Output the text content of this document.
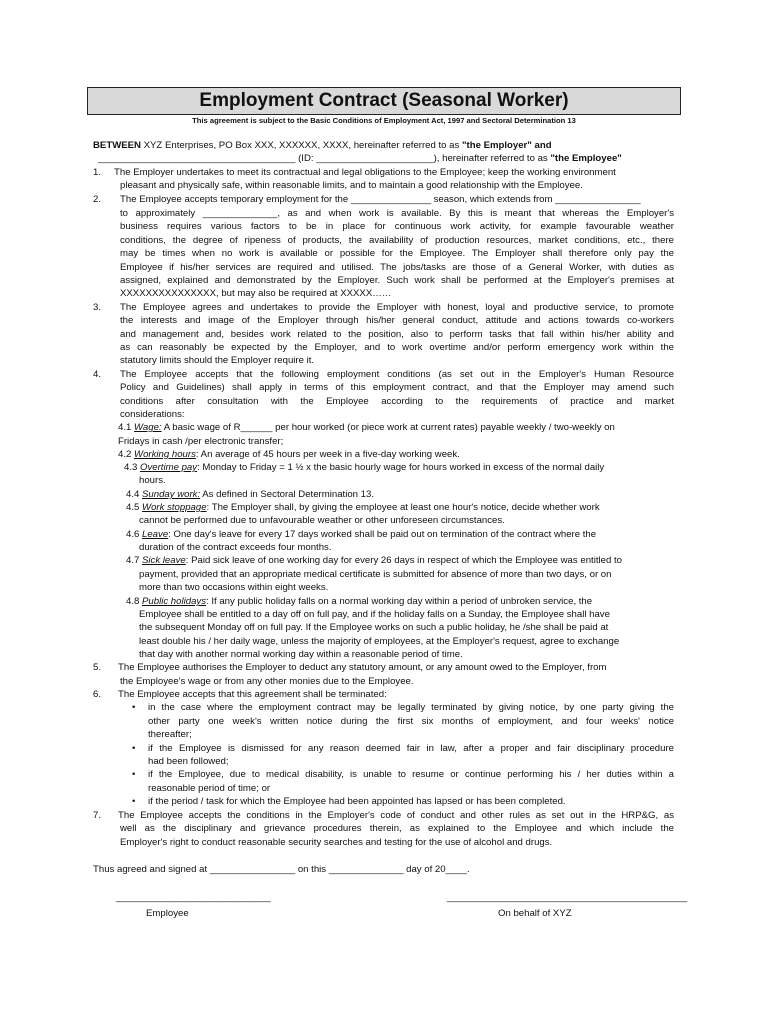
Employment Contract (Seasonal Worker)
This agreement is subject to the Basic Conditions of Employment Act, 1997 and Sectoral Determination 13
BETWEEN XYZ Enterprises, PO Box XXX, XXXXXX, XXXX, hereinafter referred to as "the Employer" and
_____________________________________ (ID: ______________________), hereinafter referred to as "the Employee"
1. The Employer undertakes to meet its contractual and legal obligations to the Employee; keep the working environment
pleasant and physically safe, within reasonable limits, and to maintain a good relationship with the Employee.
2. The Employee accepts temporary employment for the _______________ season, which extends from ________________
to approximately ______________, as and when work is available. By this is meant that whereas the Employer's
business requires various factors to be in place for continuous work activity, for example favourable weather
conditions, the degree of ripeness of products, the availability of production resources, market conditions, etc., there
may be times when no work is available or possible for the Employee. The Employer shall therefore only pay the
Employee if his/her services are required and utilised. The jobs/tasks are those of a General Worker, with duties as
assigned, explained and demonstrated by the Employer. Such work shall be performed at the Employer's premises at
XXXXXXXXXXXXXXX, but may also be required at XXXXX……
3. The Employee agrees and undertakes to provide the Employer with honest, loyal and productive service, to promote
the interests and image of the Employer through his/her general conduct, attitude and actions towards co-workers
and management and, besides work related to the position, also to perform tasks that fall within his/her ability and
as can reasonably be expected by the Employer, and to work overtime and/or perform emergency work within the
statutory limits should the Employer require it.
4. The Employee accepts that the following employment conditions (as set out in the Employer's Human Resource
Policy and Guidelines) shall apply in terms of this employment contract, and that the Employer may amend such
conditions after consultation with the Employee according to the requirements of practice and market
considerations:
4.1 Wage: A basic wage of R______ per hour worked (or piece work at current rates) payable weekly / two-weekly on
Fridays in cash /per electronic transfer;
4.2 Working hours: An average of 45 hours per week in a five-day working week.
4.3 Overtime pay: Monday to Friday = 1 ½ x the basic hourly wage for hours worked in excess of the normal daily
hours.
4.4 Sunday work: As defined in Sectoral Determination 13.
4.5 Work stoppage: The Employer shall, by giving the employee at least one hour's notice, decide whether work
cannot be performed due to unfavourable weather or other unforeseen circumstances.
4.6 Leave: One day's leave for every 17 days worked shall be paid out on termination of the contract where the
duration of the contract exceeds four months.
4.7 Sick leave: Paid sick leave of one working day for every 26 days in respect of which the Employee was entitled to
payment, provided that an appropriate medical certificate is submitted for absence of more than two days, or on
more than two occasions within eight weeks.
4.8 Public holidays: If any public holiday falls on a normal working day within a period of unbroken service, the
Employee shall be entitled to a day off on full pay, and if the holiday falls on a Sunday, the Employee shall have
the subsequent Monday off on full pay. If the Employee works on such a public holiday, he /she shall be paid at
least double his / her daily wage, unless the majority of employees, at the Employer's request, agree to exchange
that day with another normal working day within a reasonable period of time.
5. The Employee authorises the Employer to deduct any statutory amount, or any amount owed to the Employer, from
the Employee's wage or from any other monies due to the Employee.
6. The Employee accepts that this agreement shall be terminated:
• in the case where the employment contract may be legally terminated by giving notice, by one party giving the
other party one week's written notice during the first six months of employment, and four weeks' notice
thereafter;
• if the Employee is dismissed for any reason deemed fair in law, after a proper and fair disciplinary procedure
had been followed;
• if the Employee, due to medical disability, is unable to resume or continue performing his / her duties within a
reasonable period of time; or
• if the period / task for which the Employee had been appointed has lapsed or has been completed.
7. The Employee accepts the conditions in the Employer's code of conduct and other rules as set out in the HRP&G, as
well as the disciplinary and grievance procedures therein, as explained to the Employee and which include the
Employer's right to conduct reasonable security searches and testing for the use of alcohol and drugs.
Thus agreed and signed at ________________ on this ______________ day of 20____.
_____________________________	_____________________________________________
Employee	On behalf of XYZ
